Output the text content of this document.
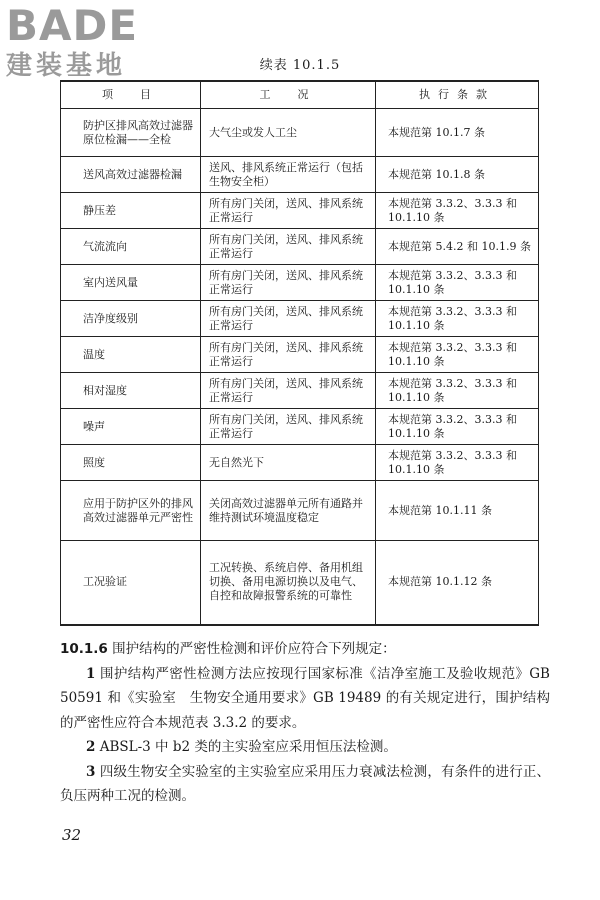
BADE
建装基地	续表 10.1.5
项　目	工　况	执行条款
防护区排风高效过滤器原位检漏——全检	大气尘或发人工尘	本规范第 10.1.7 条
送风高效过滤器检漏	送风、排风系统正常运行（包括生物安全柜）	本规范第 10.1.8 条
静压差	所有房门关闭，送风、排风系统正常运行	本规范第 3.3.2、3.3.3 和 10.1.10 条
气流流向	所有房门关闭，送风、排风系统正常运行	本规范第 5.4.2 和 10.1.9 条
室内送风量	所有房门关闭，送风、排风系统正常运行	本规范第 3.3.2、3.3.3 和 10.1.10 条
洁净度级别	所有房门关闭，送风、排风系统正常运行	本规范第 3.3.2、3.3.3 和 10.1.10 条
温度	所有房门关闭，送风、排风系统正常运行	本规范第 3.3.2、3.3.3 和 10.1.10 条
相对湿度	所有房门关闭，送风、排风系统正常运行	本规范第 3.3.2、3.3.3 和 10.1.10 条
噪声	所有房门关闭，送风、排风系统正常运行	本规范第 3.3.2、3.3.3 和 10.1.10 条
照度	无自然光下	本规范第 3.3.2、3.3.3 和 10.1.10 条
应用于防护区外的排风高效过滤器单元严密性	关闭高效过滤器单元所有通路并维持测试环境温度稳定	本规范第 10.1.11 条
工况验证	工况转换、系统启停、备用机组切换、备用电源切换以及电气、自控和故障报警系统的可靠性	本规范第 10.1.12 条

10.1.6 围护结构的严密性检测和评价应符合下列规定：

1 围护结构严密性检测方法应按现行国家标准《洁净室施工及验收规范》GB 50591 和《实验室　生物安全通用要求》GB 19489 的有关规定进行，围护结构的严密性应符合本规范表 3.3.2 的要求。

2 ABSL-3 中 b2 类的主实验室应采用恒压法检测。

3 四级生物安全实验室的主实验室应采用压力衰减法检测，有条件的进行正、负压两种工况的检测。

32
